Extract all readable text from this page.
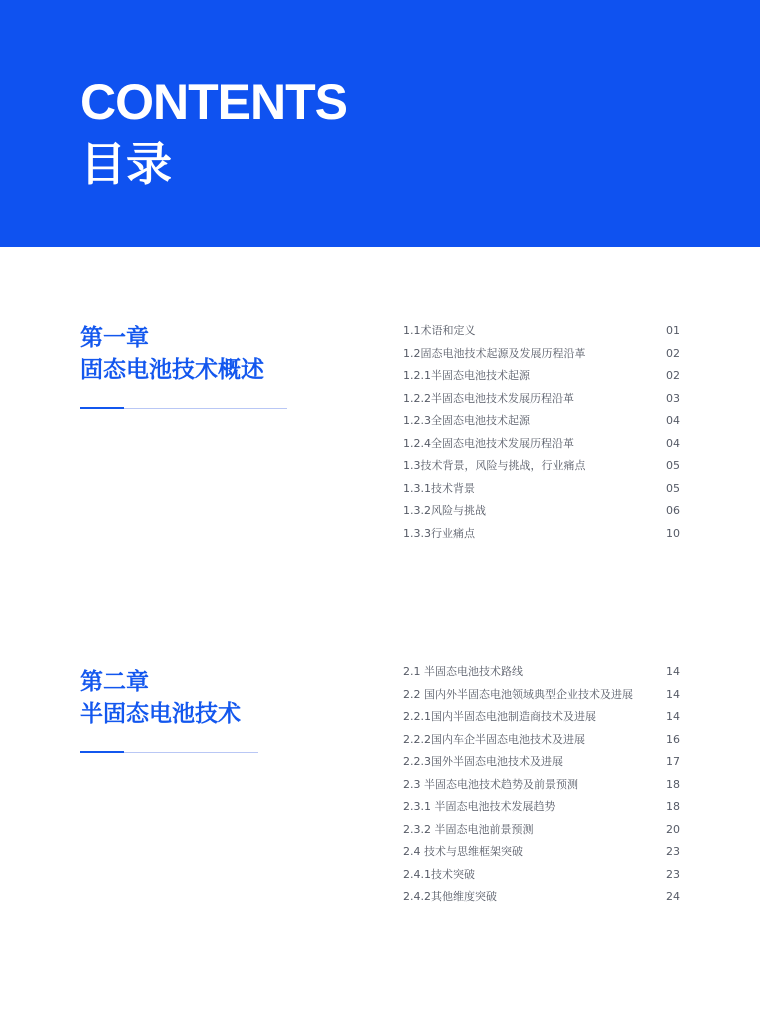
CONTENTS
目录
第一章
固态电池技术概述
1.1术语和定义	01
1.2固态电池技术起源及发展历程沿革	02
1.2.1半固态电池技术起源	02
1.2.2半固态电池技术发展历程沿革	03
1.2.3全固态电池技术起源	04
1.2.4全固态电池技术发展历程沿革	04
1.3技术背景，风险与挑战，行业痛点	05
1.3.1技术背景	05
1.3.2风险与挑战	06
1.3.3行业痛点	10
第二章
半固态电池技术
2.1 半固态电池技术路线	14
2.2 国内外半固态电池领域典型企业技术及进展	14
2.2.1国内半固态电池制造商技术及进展	14
2.2.2国内车企半固态电池技术及进展	16
2.2.3国外半固态电池技术及进展	17
2.3 半固态电池技术趋势及前景预测	18
2.3.1 半固态电池技术发展趋势	18
2.3.2 半固态电池前景预测	20
2.4 技术与思维框架突破	23
2.4.1技术突破	23
2.4.2其他维度突破	24
